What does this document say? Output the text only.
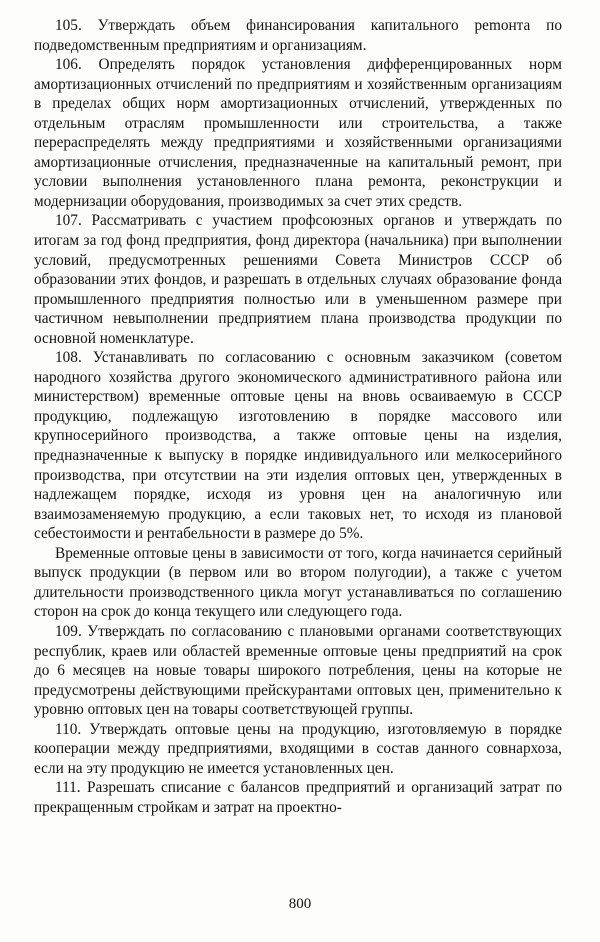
105. Утверждать объем финансирования капитального реmонта по подведомственным предприятиям и организациям.

106. Определять порядок установления дифференцированных норм амортизационных отчислений по предприятиям и хозяйственным организациям в пределах общих норм амортизационных отчислений, утвержденных по отдельным отраслям промышленности или строительства, а также перераспределять между предприятиями и хозяйственными организациями амортизационные отчисления, предназначенные на капитальный ремонт, при условии выполнения установленного плана ремонта, реконструкции и модернизации оборудования, производимых за счет этих средств.

107. Рассматривать с участием профсоюзных органов и утверждать по итогам за год фонд предприятия, фонд директора (начальника) при выполнении условий, предусмотренных решениями Совета Министров СССР об образовании этих фондов, и разрешать в отдельных случаях образование фонда промышленного предприятия полностью или в уменьшенном размере при частичном невыполнении предприятием плана производства продукции по основной номенклатуре.

108. Устанавливать по согласованию с основным заказчиком (советом народного хозяйства другого экономического административного района или министерством) временные оптовые цены на вновь осваиваемую в СССР продукцию, подлежащую изготовлению в порядке массового или крупносерийного производства, а также оптовые цены на изделия, предназначенные к выпуску в порядке индивидуального или мелкосерийного производства, при отсутствии на эти изделия оптовых цен, утвержденных в надлежащем порядке, исходя из уровня цен на аналогичную или взаимозаменяемую продукцию, а если таковых нет, то исходя из плановой себестоимости и рентабельности в размере до 5%.

Временные оптовые цены в зависимости от того, когда начинается серийный выпуск продукции (в первом или во втором полугодии), а также с учетом длительности производственного цикла могут устанавливаться по соглашению сторон на срок до конца текущего или следующего года.

109. Утверждать по согласованию с плановыми органами соответствующих республик, краев или областей временные оптовые цены предприятий на срок до 6 месяцев на новые товары широкого потребления, цены на которые не предусмотрены действующими прейскурантами оптовых цен, применительно к уровню оптовых цен на товары соответствующей группы.

110. Утверждать оптовые цены на продукцию, изготовляемую в порядке кооперации между предприятиями, входящими в состав данного совнархоза, если на эту продукцию не имеется установленных цен.

111. Разрешать списание с балансов предприятий и организаций затрат по прекращенным стройкам и затрат на проектно-

800
